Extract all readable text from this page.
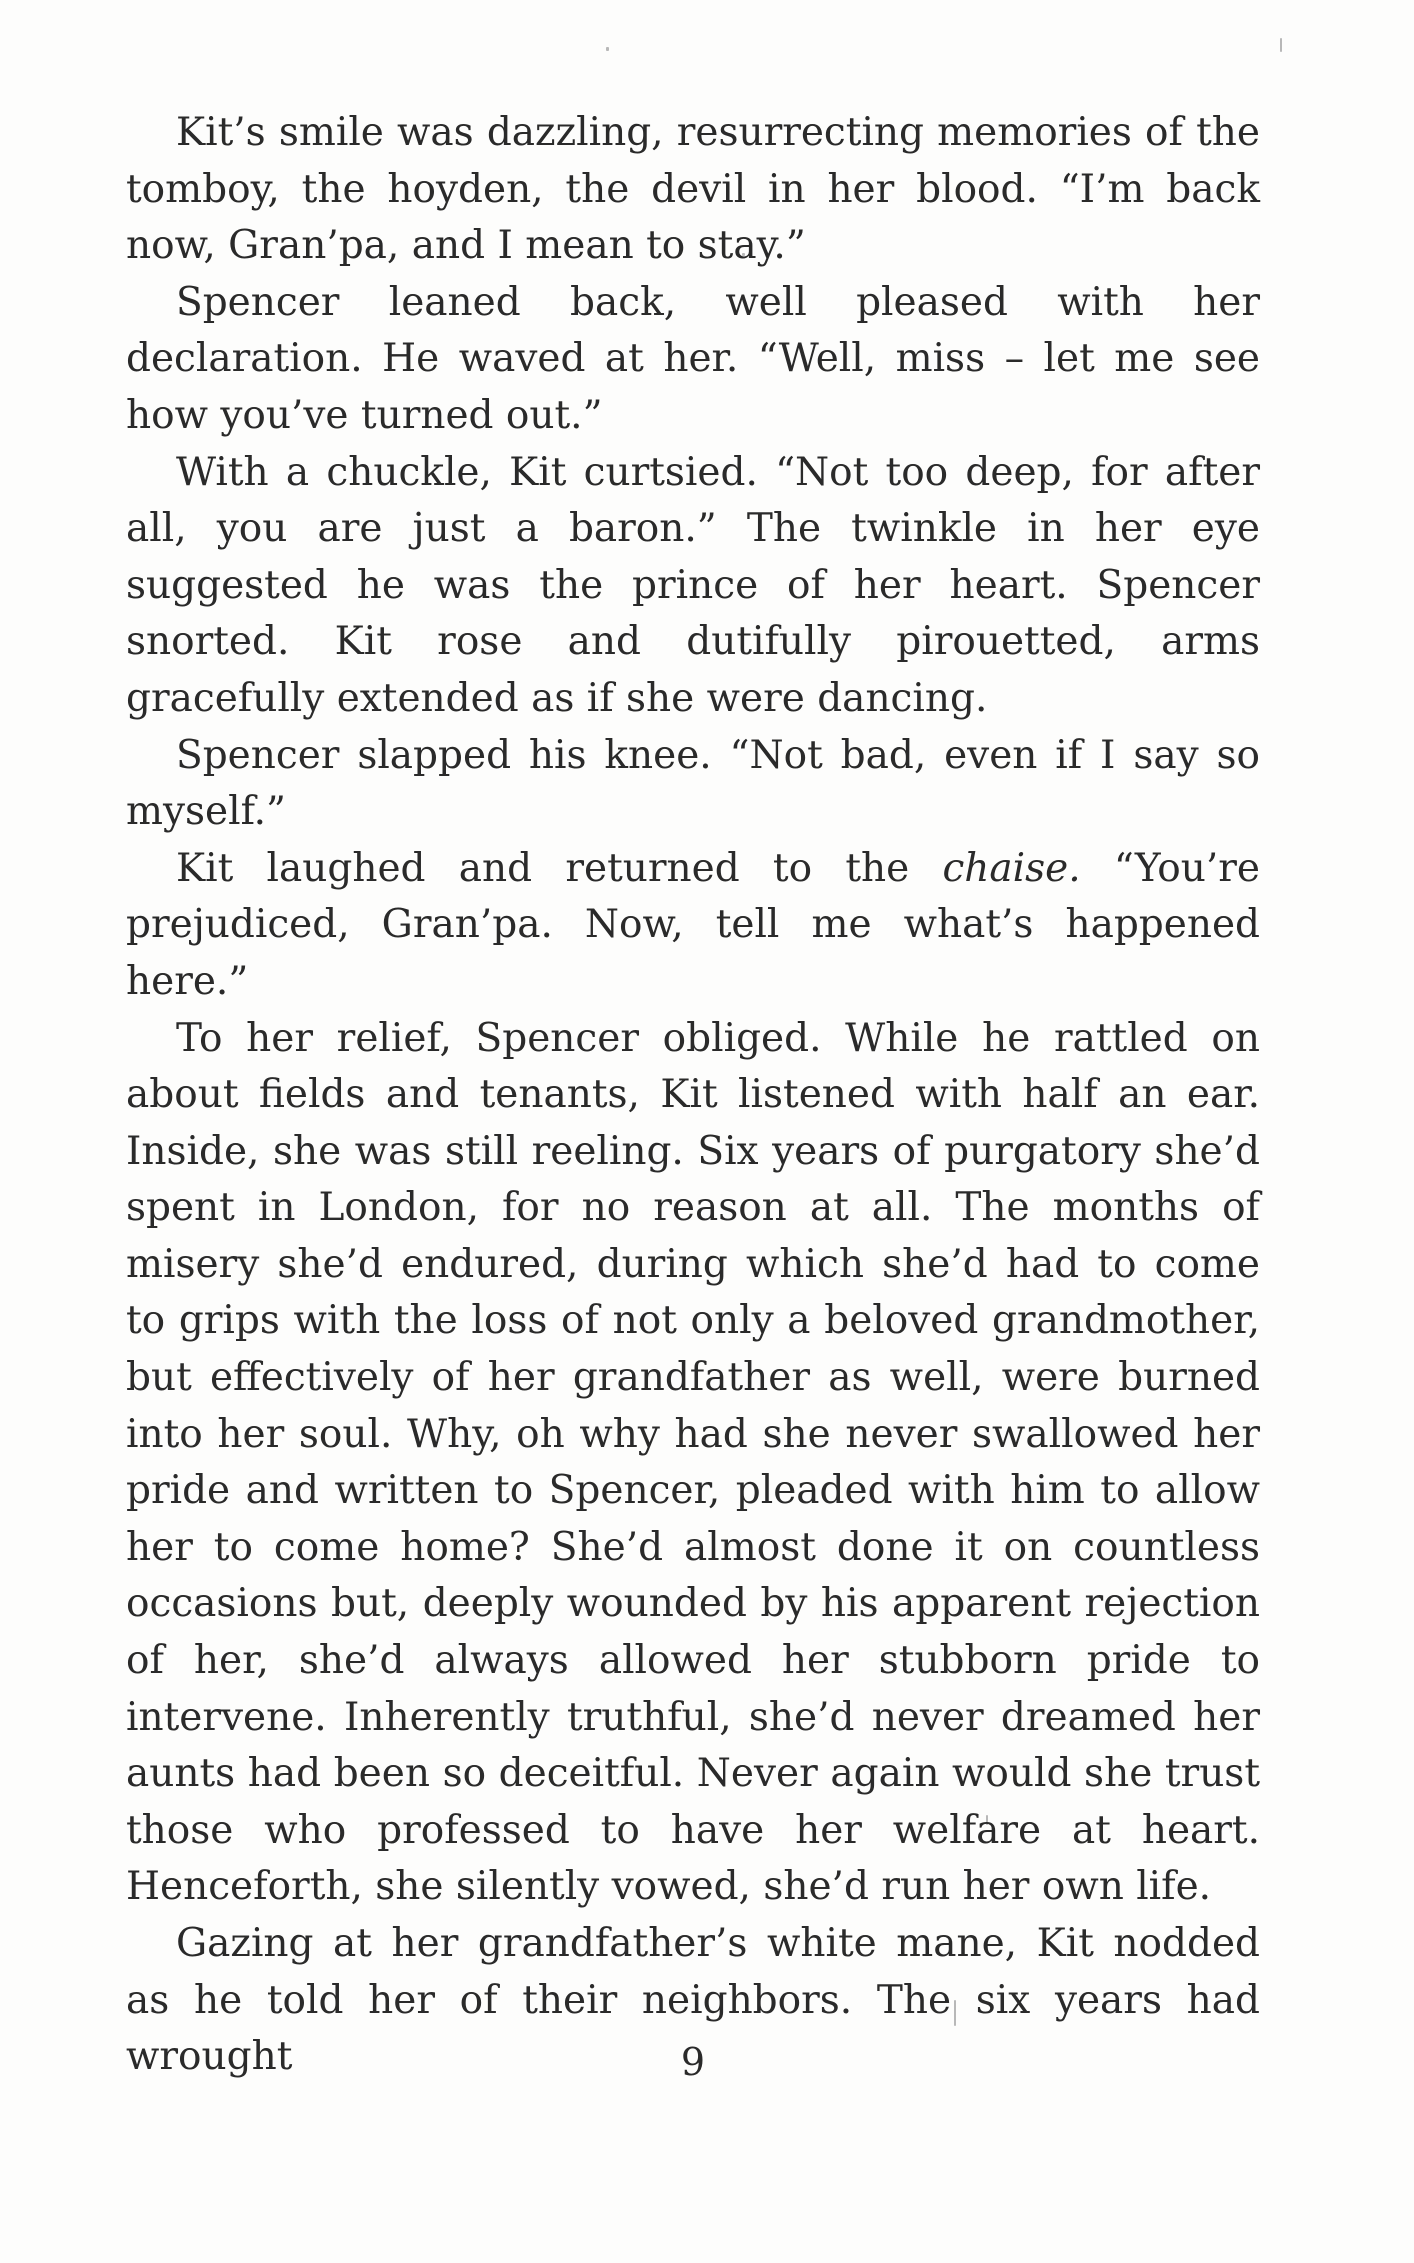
Kit’s smile was dazzling, resurrecting memories of the tomboy, the hoyden, the devil in her blood. “I’m back now, Gran’pa, and I mean to stay.”

Spencer leaned back, well pleased with her declaration. He waved at her. “Well, miss – let me see how you’ve turned out.”

With a chuckle, Kit curtsied. “Not too deep, for after all, you are just a baron.” The twinkle in her eye suggested he was the prince of her heart. Spencer snorted. Kit rose and dutifully pirouetted, arms gracefully extended as if she were dancing.

Spencer slapped his knee. “Not bad, even if I say so myself.”

Kit laughed and returned to the chaise. “You’re prejudiced, Gran’pa. Now, tell me what’s happened here.”

To her relief, Spencer obliged. While he rattled on about fields and tenants, Kit listened with half an ear. Inside, she was still reeling. Six years of purgatory she’d spent in London, for no reason at all. The months of misery she’d endured, during which she’d had to come to grips with the loss of not only a beloved grandmother, but effectively of her grandfather as well, were burned into her soul. Why, oh why had she never swallowed her pride and written to Spencer, pleaded with him to allow her to come home? She’d almost done it on countless occasions but, deeply wounded by his apparent rejection of her, she’d always allowed her stubborn pride to intervene. Inherently truthful, she’d never dreamed her aunts had been so deceitful. Never again would she trust those who professed to have her welfare at heart. Henceforth, she silently vowed, she’d run her own life.

Gazing at her grandfather’s white mane, Kit nodded as he told her of their neighbors. The six years had wrought	9
